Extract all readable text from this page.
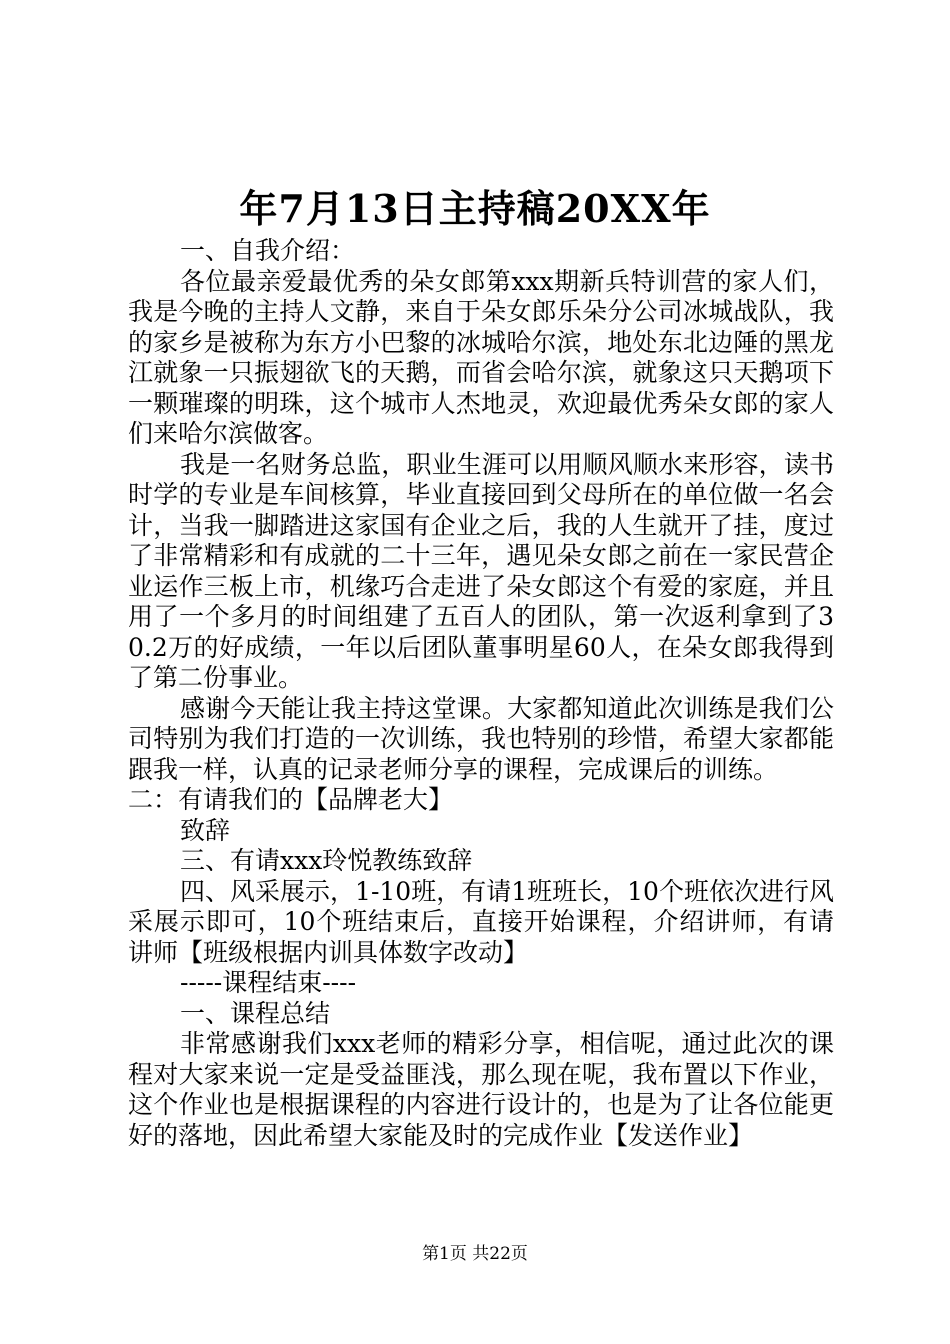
年7月13日主持稿20XX年

一、自我介绍：

各位最亲爱最优秀的朵女郎第xxx期新兵特训营的家人们，我是今晚的主持人文静，来自于朵女郎乐朵分公司冰城战队，我的家乡是被称为东方小巴黎的冰城哈尔滨，地处东北边陲的黑龙江就象一只振翅欲飞的天鹅，而省会哈尔滨，就象这只天鹅项下一颗璀璨的明珠，这个城市人杰地灵，欢迎最优秀朵女郎的家人们来哈尔滨做客。

我是一名财务总监，职业生涯可以用顺风顺水来形容，读书时学的专业是车间核算，毕业直接回到父母所在的单位做一名会计，当我一脚踏进这家国有企业之后，我的人生就开了挂，度过了非常精彩和有成就的二十三年，遇见朵女郎之前在一家民营企业运作三板上市，机缘巧合走进了朵女郎这个有爱的家庭，并且用了一个多月的时间组建了五百人的团队，第一次返利拿到了30.2万的好成绩，一年以后团队董事明星60人，在朵女郎我得到了第二份事业。

感谢今天能让我主持这堂课。大家都知道此次训练是我们公司特别为我们打造的一次训练，我也特别的珍惜，希望大家都能跟我一样，认真的记录老师分享的课程，完成课后的训练。

二：有请我们的【品牌老大】

致辞

三、有请xxx玲悦教练致辞

四、风采展示，1-10班，有请1班班长，10个班依次进行风采展示即可，10个班结束后，直接开始课程，介绍讲师，有请讲师【班级根据内训具体数字改动】

-----课程结束----

一、课程总结

非常感谢我们xxx老师的精彩分享，相信呢，通过此次的课程对大家来说一定是受益匪浅，那么现在呢，我布置以下作业，这个作业也是根据课程的内容进行设计的，也是为了让各位能更好的落地，因此希望大家能及时的完成作业【发送作业】

第1页 共22页
